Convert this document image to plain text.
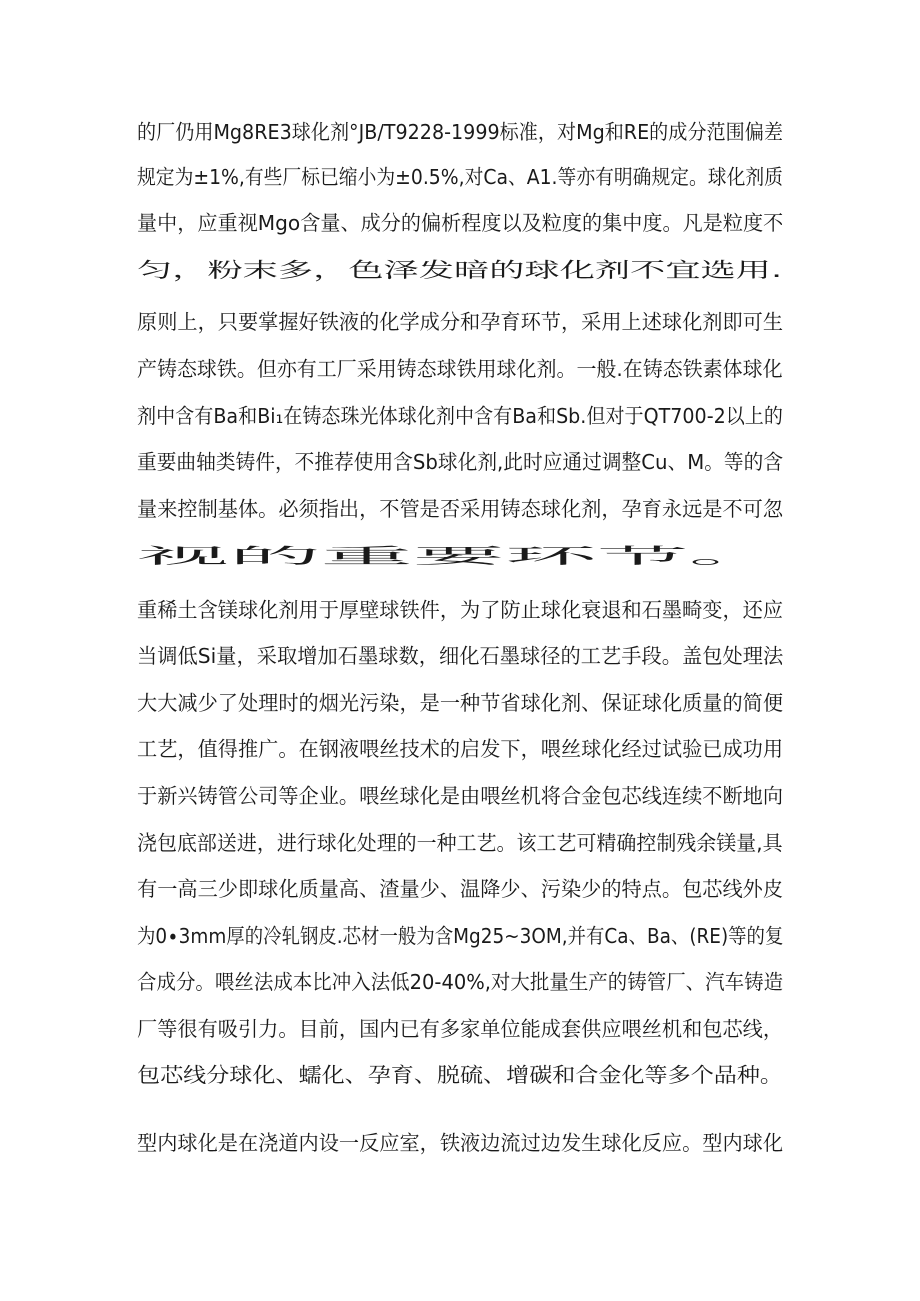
的厂仍用Mg8RE3球化剂°JB∕T9228-1999标准，对Mg和RE的成分范围偏差
规定为±1%,有些厂标已缩小为±0.5%,对Ca、A1.等亦有明确规定。球化剂质
量中，应重视Mgo含量、成分的偏析程度以及粒度的集中度。凡是粒度不
匀，粉末多，色泽发暗的球化剂不宜选用.
原则上，只要掌握好铁液的化学成分和孕育环节，采用上述球化剂即可生
产铸态球铁。但亦有工厂采用铸态球铁用球化剂。一般.在铸态铁素体球化
剂中含有Ba和Bi₁在铸态珠光体球化剂中含有Ba和Sb.但对于QT700-2以上的
重要曲轴类铸件，不推荐使用含Sb球化剂,此时应通过调整Cu、M。等的含
量来控制基体。必须指出，不管是否采用铸态球化剂，孕育永远是不可忽
视的重要环节。
重稀土含镁球化剂用于厚壁球铁件，为了防止球化衰退和石墨畸变，还应
当调低Si量，采取增加石墨球数，细化石墨球径的工艺手段。盖包处理法
大大减少了处理时的烟光污染，是一种节省球化剂、保证球化质量的简便
工艺，值得推广。在钢液喂丝技术的启发下，喂丝球化经过试验已成功用
于新兴铸管公司等企业。喂丝球化是由喂丝机将合金包芯线连续不断地向
浇包底部送进，进行球化处理的一种工艺。该工艺可精确控制残余镁量,具
有一高三少即球化质量高、渣量少、温降少、污染少的特点。包芯线外皮
为0∙3mm厚的冷轧钢皮.芯材一般为含Mg25~3OM,并有Ca、Ba、(RE)等的复
合成分。喂丝法成本比冲入法低20-40%,对大批量生产的铸管厂、汽车铸造
厂等很有吸引力。目前，国内已有多家单位能成套供应喂丝机和包芯线，
包芯线分球化、蠕化、孕育、脱硫、增碳和合金化等多个品种。
型内球化是在浇道内设一反应室，铁液边流过边发生球化反应。型内球化
